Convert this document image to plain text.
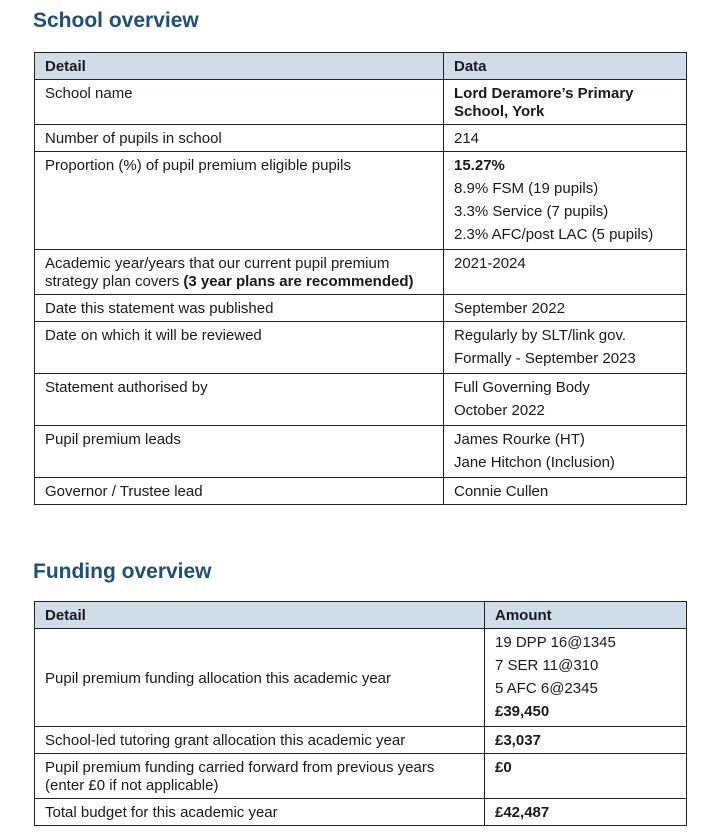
School overview
Detail	Data
School name	Lord Deramore’s Primary School, York
Number of pupils in school	214
Proportion (%) of pupil premium eligible pupils	15.27%
8.9% FSM (19 pupils)
3.3% Service (7 pupils)
2.3% AFC/post LAC (5 pupils)

Academic year/years that our current pupil premium strategy plan covers (3 year plans are recommended)	2021-2024
Date this statement was published	September 2022
Date on which it will be reviewed	Regularly by SLT/link gov.
Formally - September 2023

Statement authorised by	Full Governing Body
October 2022

Pupil premium leads	James Rourke (HT)
Jane Hitchon (Inclusion)

Governor / Trustee lead	Connie Cullen
Funding overview
Detail	Amount
Pupil premium funding allocation this academic year	19 DPP 16@1345
7 SER 11@310
5 AFC 6@2345
£39,450

School-led tutoring grant allocation this academic year	£3,037
Pupil premium funding carried forward from previous years (enter £0 if not applicable)	£0
Total budget for this academic year	£42,487
